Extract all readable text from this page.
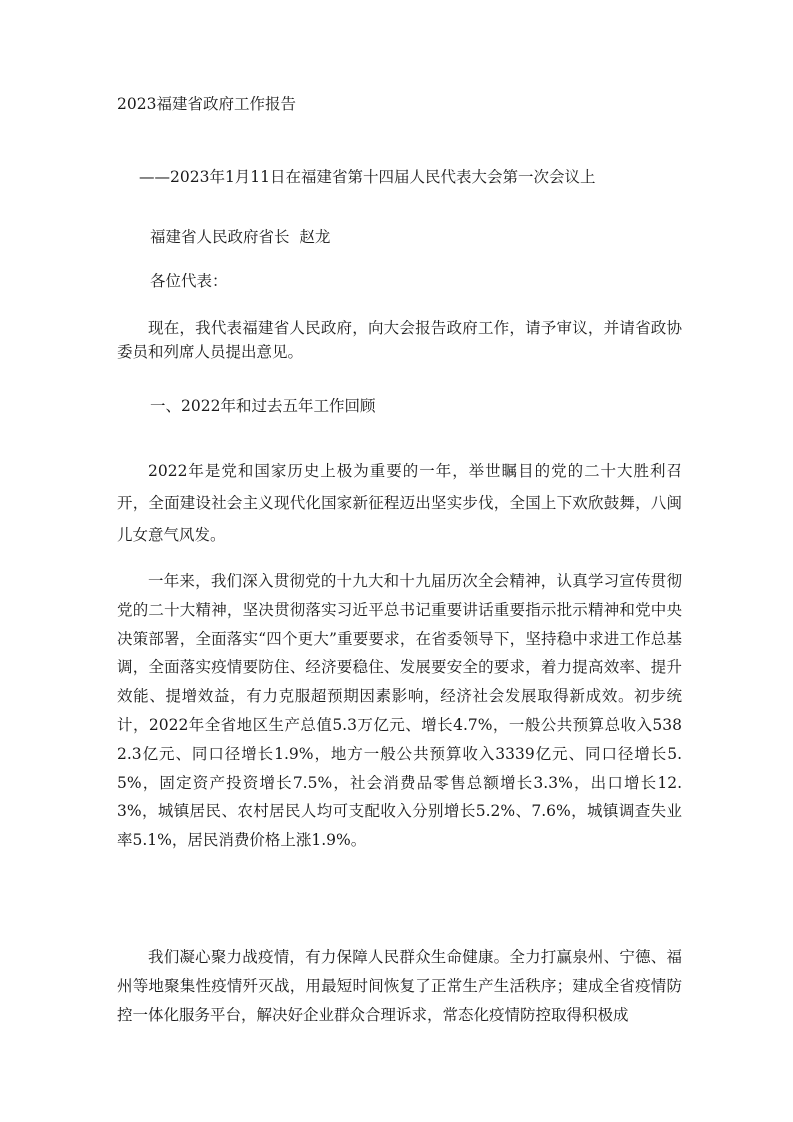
2023福建省政府工作报告
——2023年1月11日在福建省第十四届人民代表大会第一次会议上
福建省人民政府省长  赵龙
各位代表：
现在，我代表福建省人民政府，向大会报告政府工作，请予审议，并请省政协委员和列席人员提出意见。
一、2022年和过去五年工作回顾
2022年是党和国家历史上极为重要的一年，举世瞩目的党的二十大胜利召开，全面建设社会主义现代化国家新征程迈出坚实步伐，全国上下欢欣鼓舞，八闽儿女意气风发。
一年来，我们深入贯彻党的十九大和十九届历次全会精神，认真学习宣传贯彻党的二十大精神，坚决贯彻落实习近平总书记重要讲话重要指示批示精神和党中央决策部署，全面落实“四个更大”重要要求，在省委领导下，坚持稳中求进工作总基调，全面落实疫情要防住、经济要稳住、发展要安全的要求，着力提高效率、提升效能、提增效益，有力克服超预期因素影响，经济社会发展取得新成效。初步统计，2022年全省地区生产总值5.3万亿元、增长4.7%，一般公共预算总收入5382.3亿元、同口径增长1.9%，地方一般公共预算收入3339亿元、同口径增长5.5%，固定资产投资增长7.5%，社会消费品零售总额增长3.3%，出口增长12.3%，城镇居民、农村居民人均可支配收入分别增长5.2%、7.6%，城镇调查失业率5.1%，居民消费价格上涨1.9%。
我们凝心聚力战疫情，有力保障人民群众生命健康。全力打赢泉州、宁德、福州等地聚集性疫情歼灭战，用最短时间恢复了正常生产生活秩序；建成全省疫情防控一体化服务平台，解决好企业群众合理诉求，常态化疫情防控取得积极成
